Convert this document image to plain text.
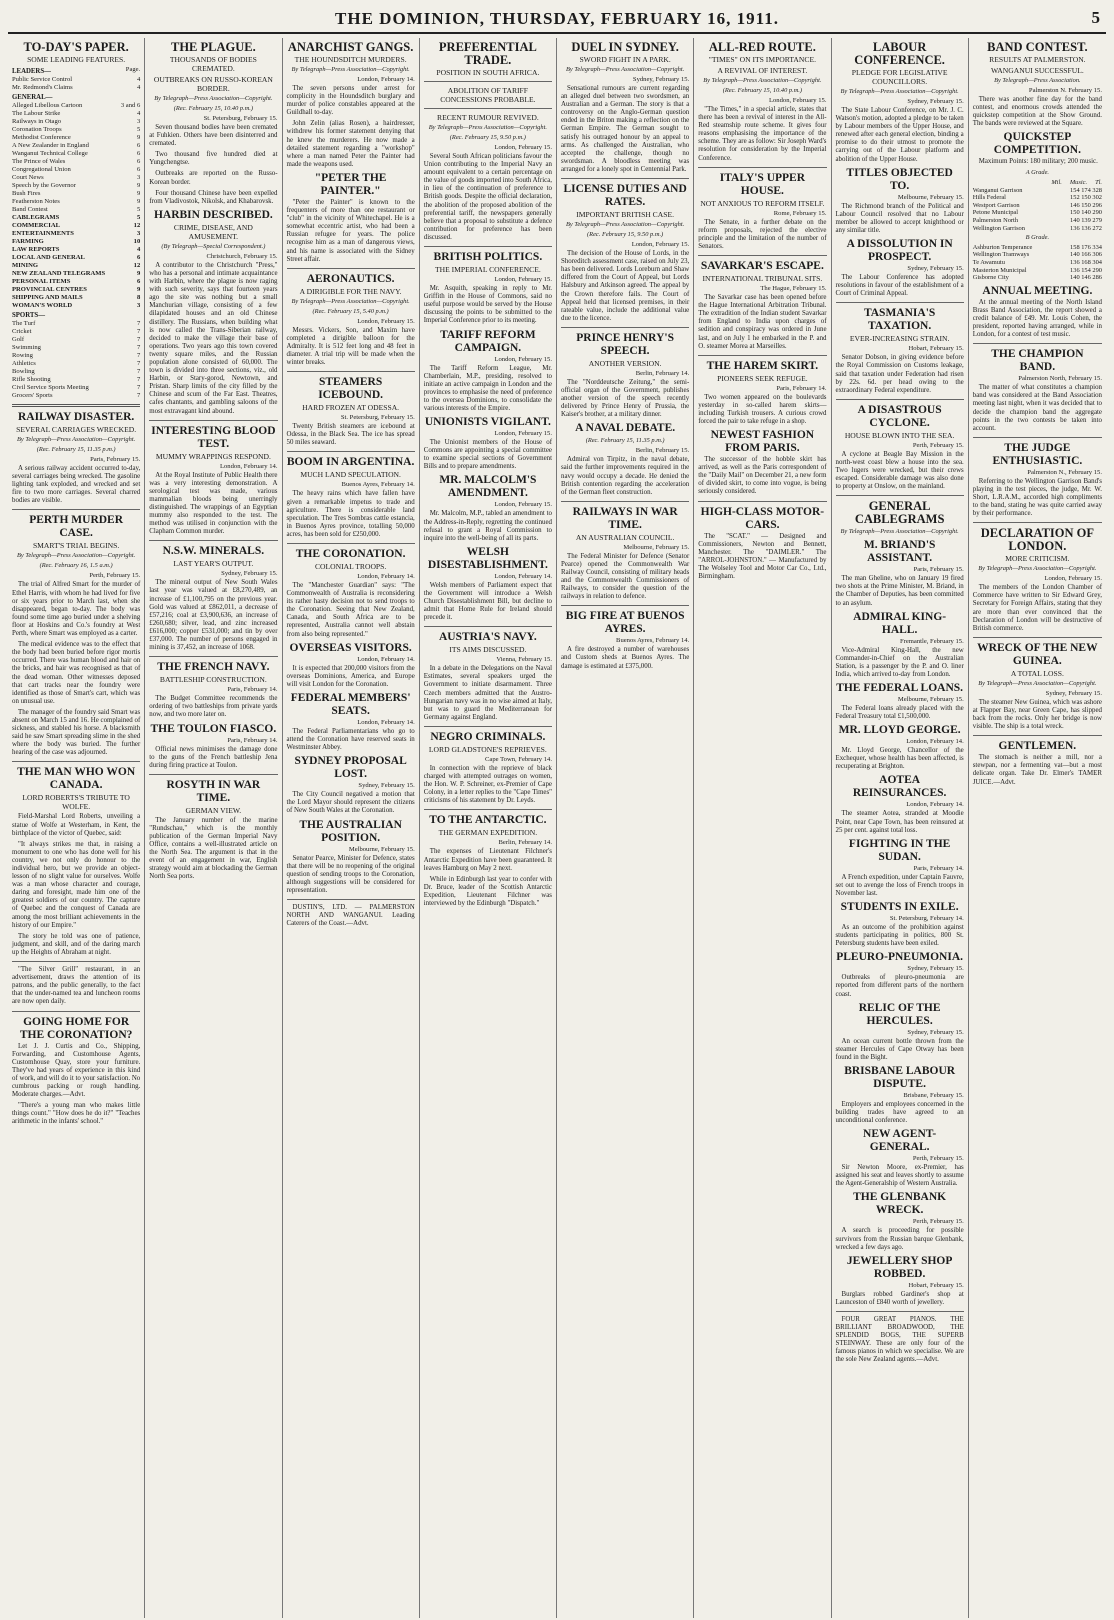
THE DOMINION, THURSDAY, FEBRUARY 16, 1911.	5
TO-DAY'S PAPER.
SOME LEADING FEATURES.
LEADERS—	Page.
Public Service Control	4
Mr. Redmond's Claims	4
GENERAL—
Alleged Libellous Cartoon	3 and 6
The Labour Strike	4
Railways in Otago	3
Coronation Troops	5
Methodist Conference	9
A New Zealander in England	6
Wanganui Technical College	6
The Prince of Wales	6
Congregational Union	6
Court News	3
Speech by the Governor	9
Bush Fires	9
Featherston Notes	9
Band Contest	5
CABLEGRAMS	5
COMMERCIAL	12
ENTERTAINMENTS	3
FARMING	10
LAW REPORTS	4
LOCAL AND GENERAL	6
MINING	12
NEW ZEALAND TELEGRAMS	9
PERSONAL ITEMS	6
PROVINCIAL CENTRES	9
SHIPPING AND MAILS	8
WOMAN'S WORLD	3
SPORTS—
The Turf	7
Cricket	7
Golf	7
Swimming	7
Rowing	7
Athletics	7
Bowling	7
Rifle Shooting	7
Civil Service Sports Meeting	7
Grocers' Sports	7
RAILWAY DISASTER.
SEVERAL CARRIAGES WRECKED.
By Telegraph—Press Association—Copyright.
(Rec. February 15, 11.35 p.m.)
Paris, February 15.

A serious railway accident occurred to-day, several carriages being wrecked. The gasoline lighting tank exploded, and wrecked and set fire to two more carriages. Several charred bodies are visible.

PERTH MURDER CASE.
SMART'S TRIAL BEGINS.
By Telegraph—Press Association—Copyright.
(Rec. February 16, 1.5 a.m.)
Perth, February 15.

The trial of Alfred Smart for the murder of Ethel Harris, with whom he had lived for five or six years prior to March last, when she disappeared, began to-day. The body was found some time ago buried under a shelving floor at Hoskins and Co.'s foundry at West Perth, where Smart was employed as a carter.

The medical evidence was to the effect that the body had been buried before rigor mortis occurred. There was human blood and hair on the bricks, and hair was recognised as that of the dead woman. Other witnesses deposed that cart tracks near the foundry were identified as those of Smart's cart, which was on unusual use.

The manager of the foundry said Smart was absent on March 15 and 16. He complained of sickness, and stabled his horse. A blacksmith said he saw Smart spreading slime in the shed where the body was buried. The further hearing of the case was adjourned.

THE MAN WHO WON CANADA.
LORD ROBERTS'S TRIBUTE TO WOLFE.

Field-Marshal Lord Roberts, unveiling a statue of Wolfe at Westerham, in Kent, the birthplace of the victor of Quebec, said:

"It always strikes me that, in raising a monument to one who has done well for his country, we not only do honour to the individual hero, but we provide an object-lesson of no slight value for ourselves. Wolfe was a man whose character and courage, daring and foresight, made him one of the greatest soldiers of our country. The capture of Quebec and the conquest of Canada are among the most brilliant achievements in the history of our Empire."

The story he told was one of patience, judgment, and skill, and of the daring march up the Heights of Abraham at night.

"The Silver Grill" restaurant, in an advertisement, draws the attention of its patrons, and the public generally, to the fact that the under-named tea and luncheon rooms are now open daily.

GOING HOME FOR THE CORONATION?

Let J. J. Curtis and Co., Shipping, Forwarding, and Customhouse Agents, Customhouse Quay, store your furniture. They've had years of experience in this kind of work, and will do it to your satisfaction. No cumbrous packing or rough handling. Moderate charges.—Advt.

"There's a young man who makes little things count." "How does he do it?" "Teaches arithmetic in the infants' school."

THE PLAGUE.
THOUSANDS OF BODIES CREMATED.
OUTBREAKS ON RUSSO-KOREAN BORDER.
By Telegraph—Press Association—Copyright.
(Rec. February 15, 10.40 p.m.)
St. Petersburg, February 15.

Seven thousand bodies have been cremated at Fuhkien. Others have been disinterred and cremated.

Two thousand five hundred died at Yungchengtse.

Outbreaks are reported on the Russo-Korean border.

Four thousand Chinese have been expelled from Vladivostok, Nikolsk, and Khabarovsk.

HARBIN DESCRIBED.
CRIME, DISEASE, AND AMUSEMENT.
(By Telegraph—Special Correspondent.)
Christchurch, February 15.

A contributor to the Christchurch "Press," who has a personal and intimate acquaintance with Harbin, where the plague is now raging with such severity, says that fourteen years ago the site was nothing but a small Manchurian village, consisting of a few dilapidated houses and an old Chinese distillery. The Russians, when building what is now called the Trans-Siberian railway, decided to make the village their base of operations. Two years ago this town covered twenty square miles, and the Russian population alone consisted of 60,000. The town is divided into three sections, viz., old Harbin, or Stary-gorod, Newtown, and Pristan. Sharp limits of the city filled by the Chinese and scum of the Far East. Theatres, cafes chantants, and gambling saloons of the most extravagant kind abound.

INTERESTING BLOOD TEST.
MUMMY WRAPPINGS RESPOND.
London, February 14.

At the Royal Institute of Public Health there was a very interesting demonstration. A serological test was made, various mammalian bloods being unerringly distinguished. The wrappings of an Egyptian mummy also responded to the test. The method was utilised in conjunction with the Clapham Common murder.

N.S.W. MINERALS.
LAST YEAR'S OUTPUT.
Sydney, February 15.

The mineral output of New South Wales last year was valued at £8,270,489, an increase of £1,100,795 on the previous year. Gold was valued at £862,011, a decrease of £57,216; coal at £3,900,636, an increase of £260,680; silver, lead, and zinc increased £616,000; copper £531,000; and tin by over £37,000. The number of persons engaged in mining is 37,452, an increase of 1068.

THE FRENCH NAVY.
BATTLESHIP CONSTRUCTION.
Paris, February 14.

The Budget Committee recommends the ordering of two battleships from private yards now, and two more later on.

THE TOULON FIASCO.
Paris, February 14.

Official news minimises the damage done to the guns of the French battleship Jena during firing practice at Toulon.

ROSYTH IN WAR TIME.
GERMAN VIEW.

The January number of the marine "Rundschau," which is the monthly publication of the German Imperial Navy Office, contains a well-illustrated article on the North Sea. The argument is that in the event of an engagement in war, English strategy would aim at blockading the German North Sea ports.

ANARCHIST GANGS.
THE HOUNDSDITCH MURDERS.
By Telegraph—Press Association—Copyright.
London, February 14.

The seven persons under arrest for complicity in the Houndsditch burglary and murder of police constables appeared at the Guildhall to-day.

John Zelin (alias Rosen), a hairdresser, withdrew his former statement denying that he knew the murderers. He now made a detailed statement regarding a "workshop" where a man named Peter the Painter had made the weapons used.

"PETER THE PAINTER."

"Peter the Painter" is known to the frequenters of more than one restaurant or "club" in the vicinity of Whitechapel. He is a somewhat eccentric artist, who had been a Russian refugee for years. The police recognise him as a man of dangerous views, and his name is associated with the Sidney Street affair.

AERONAUTICS.
A DIRIGIBLE FOR THE NAVY.
By Telegraph—Press Association—Copyright.
(Rec. February 15, 5.40 p.m.)
London, February 15.

Messrs. Vickers, Son, and Maxim have completed a dirigible balloon for the Admiralty. It is 512 feet long and 48 feet in diameter. A trial trip will be made when the winter breaks.

STEAMERS ICEBOUND.
HARD FROZEN AT ODESSA.
St. Petersburg, February 15.

Twenty British steamers are icebound at Odessa, in the Black Sea. The ice has spread 50 miles seaward.

BOOM IN ARGENTINA.
MUCH LAND SPECULATION.
Buenos Ayres, February 14.

The heavy rains which have fallen have given a remarkable impetus to trade and agriculture. There is considerable land speculation. The Tres Sombras cattle estancia, in Buenos Ayres province, totalling 50,000 acres, has been sold for £250,000.

THE CORONATION.
COLONIAL TROOPS.
London, February 14.

The "Manchester Guardian" says: "The Commonwealth of Australia is reconsidering its rather hasty decision not to send troops to the Coronation. Seeing that New Zealand, Canada, and South Africa are to be represented, Australia cannot well abstain from also being represented."

OVERSEAS VISITORS.
London, February 14.

It is expected that 200,000 visitors from the overseas Dominions, America, and Europe will visit London for the Coronation.

FEDERAL MEMBERS' SEATS.
London, February 14.

The Federal Parliamentarians who go to attend the Coronation have reserved seats in Westminster Abbey.

SYDNEY PROPOSAL LOST.
Sydney, February 15.

The City Council negatived a motion that the Lord Mayor should represent the citizens of New South Wales at the Coronation.

THE AUSTRALIAN POSITION.
Melbourne, February 15.

Senator Pearce, Minister for Defence, states that there will be no reopening of the original question of sending troops to the Coronation, although suggestions will be considered for representation.

DUSTIN'S, LTD. — PALMERSTON NORTH AND WANGANUI. Leading Caterers of the Coast.—Advt.

PREFERENTIAL TRADE.
POSITION IN SOUTH AFRICA.
ABOLITION OF TARIFF CONCESSIONS PROBABLE.
RECENT RUMOUR REVIVED.
By Telegraph—Press Association—Copyright.
(Rec. February 15, 9.50 p.m.)
London, February 15.

Several South African politicians favour the Union contributing to the Imperial Navy an amount equivalent to a certain percentage on the value of goods imported into South Africa, in lieu of the continuation of preference to British goods. Despite the official declaration, the abolition of the proposed abolition of the preferential tariff, the newspapers generally believe that a proposal to substitute a defence contribution for preference has been discussed.

BRITISH POLITICS.
THE IMPERIAL CONFERENCE.
London, February 15.

Mr. Asquith, speaking in reply to Mr. Griffith in the House of Commons, said no useful purpose would be served by the House discussing the points to be submitted to the Imperial Conference prior to its meeting.

TARIFF REFORM CAMPAIGN.
London, February 15.

The Tariff Reform League, Mr. Chamberlain, M.P., presiding, resolved to initiate an active campaign in London and the provinces to emphasise the need of preference to the oversea Dominions, to consolidate the various interests of the Empire.

UNIONISTS VIGILANT.
London, February 15.

The Unionist members of the House of Commons are appointing a special committee to examine special sections of Government Bills and to prepare amendments.

MR. MALCOLM'S AMENDMENT.
London, February 15.

Mr. Malcolm, M.P., tabled an amendment to the Address-in-Reply, regretting the continued refusal to grant a Royal Commission to inquire into the well-being of all its parts.

WELSH DISESTABLISHMENT.
London, February 14.

Welsh members of Parliament expect that the Government will introduce a Welsh Church Disestablishment Bill, but decline to admit that Home Rule for Ireland should precede it.

AUSTRIA'S NAVY.
ITS AIMS DISCUSSED.
Vienna, February 15.

In a debate in the Delegations on the Naval Estimates, several speakers urged the Government to initiate disarmament. Three Czech members admitted that the Austro-Hungarian navy was in no wise aimed at Italy, but was to guard the Mediterranean for Germany against England.

NEGRO CRIMINALS.
LORD GLADSTONE'S REPRIEVES.
Cape Town, February 14.

In connection with the reprieve of black charged with attempted outrages on women, the Hon. W. P. Schreiner, ex-Premier of Cape Colony, in a letter replies to the "Cape Times" criticisms of his statement by Dr. Leyds.

TO THE ANTARCTIC.
THE GERMAN EXPEDITION.
Berlin, February 14.

The expenses of Lieutenant Filchner's Antarctic Expedition have been guaranteed. It leaves Hamburg on May 2 next.

While in Edinburgh last year to confer with Dr. Bruce, leader of the Scottish Antarctic Expedition, Lieutenant Filchner was interviewed by the Edinburgh "Dispatch."

DUEL IN SYDNEY.
SWORD FIGHT IN A PARK.
By Telegraph—Press Association—Copyright.
Sydney, February 15.

Sensational rumours are current regarding an alleged duel between two swordsmen, an Australian and a German. The story is that a controversy on the Anglo-German question ended in the Briton making a reflection on the German Empire. The German sought to satisfy his outraged honour by an appeal to arms. As challenged the Australian, who accepted the challenge, though no swordsman. A bloodless meeting was arranged for a lonely spot in Centennial Park.

LICENSE DUTIES AND RATES.
IMPORTANT BRITISH CASE.
By Telegraph—Press Association—Copyright.
(Rec. February 15, 9.50 p.m.)
London, February 15.

The decision of the House of Lords, in the Shoreditch assessment case, raised on July 23, has been delivered. Lords Loreburn and Shaw differed from the Court of Appeal, but Lords Halsbury and Atkinson agreed. The appeal by the Crown therefore fails. The Court of Appeal held that licensed premises, in their rateable value, include the additional value due to the licence.

PRINCE HENRY'S SPEECH.
ANOTHER VERSION.
Berlin, February 14.

The "Norddeutsche Zeitung," the semi-official organ of the Government, publishes another version of the speech recently delivered by Prince Henry of Prussia, the Kaiser's brother, at a military dinner.

A NAVAL DEBATE.
(Rec. February 15, 11.35 p.m.)
Berlin, February 15.

Admiral von Tirpitz, in the naval debate, said the further improvements required in the navy would occupy a decade. He denied the British contention regarding the acceleration of the German fleet construction.

RAILWAYS IN WAR TIME.
AN AUSTRALIAN COUNCIL.
Melbourne, February 15.

The Federal Minister for Defence (Senator Pearce) opened the Commonwealth War Railway Council, consisting of military heads and the Commonwealth Commissioners of Railways, to consider the question of the railways in relation to defence.

BIG FIRE AT BUENOS AYRES.
Buenos Ayres, February 14.

A fire destroyed a number of warehouses and Custom sheds at Buenos Ayres. The damage is estimated at £375,000.

ALL-RED ROUTE.
"TIMES" ON ITS IMPORTANCE.
A REVIVAL OF INTEREST.
By Telegraph—Press Association—Copyright.
(Rec. February 15, 10.40 p.m.)
London, February 15.

"The Times," in a special article, states that there has been a revival of interest in the All-Red steamship route scheme. It gives four reasons emphasising the importance of the scheme. They are as follow: Sir Joseph Ward's resolution for consideration by the Imperial Conference.

ITALY'S UPPER HOUSE.
NOT ANXIOUS TO REFORM ITSELF.
Rome, February 15.

The Senate, in a further debate on the reform proposals, rejected the elective principle and the limitation of the number of Senators.

SAVARKAR'S ESCAPE.
INTERNATIONAL TRIBUNAL SITS.
The Hague, February 15.

The Savarkar case has been opened before the Hague International Arbitration Tribunal. The extradition of the Indian student Savarkar from England to India upon charges of sedition and conspiracy was ordered in June last, and on July 1 he embarked in the P. and O. steamer Morea at Marseilles.

THE HAREM SKIRT.
PIONEERS SEEK REFUGE.
Paris, February 14.

Two women appeared on the boulevards yesterday in so-called harem skirts—including Turkish trousers. A curious crowd forced the pair to take refuge in a shop.

NEWEST FASHION FROM PARIS.

The successor of the hobble skirt has arrived, as well as the Paris correspondent of the "Daily Mail" on December 21, a new form of divided skirt, to come into vogue, is being seriously considered.

HIGH-CLASS MOTOR-CARS.

The "SCAT." — Designed and Commissioners, Newton and Bennett, Manchester. The "DAIMLER." The "ARROL-JOHNSTON." — Manufactured by The Wolseley Tool and Motor Car Co., Ltd., Birmingham.

LABOUR CONFERENCE.
PLEDGE FOR LEGISLATIVE COUNCILLORS.
By Telegraph—Press Association—Copyright.
Sydney, February 15.

The State Labour Conference, on Mr. J. C. Watson's motion, adopted a pledge to be taken by Labour members of the Upper House, and renewed after each general election, binding a promise to do their utmost to promote the carrying out of the Labour platform and abolition of the Upper House.

TITLES OBJECTED TO.
Melbourne, February 15.

The Richmond branch of the Political and Labour Council resolved that no Labour member be allowed to accept knighthood or any similar title.

A DISSOLUTION IN PROSPECT.
Sydney, February 15.

The Labour Conference has adopted resolutions in favour of the establishment of a Court of Criminal Appeal.

TASMANIA'S TAXATION.
EVER-INCREASING STRAIN.
Hobart, February 15.

Senator Dobson, in giving evidence before the Royal Commission on Customs leakage, said that taxation under Federation had risen by 22s. 6d. per head owing to the extraordinary Federal expenditure.

A DISASTROUS CYCLONE.
HOUSE BLOWN INTO THE SEA.
Perth, February 15.

A cyclone at Beagle Bay Mission in the north-west coast blew a house into the sea. Two lugers were wrecked, but their crews escaped. Considerable damage was also done to property at Onslow, on the mainland.

GENERAL CABLEGRAMS
By Telegraph—Press Association—Copyright.
M. BRIAND'S ASSISTANT.
Paris, February 15.

The man Gheline, who on January 19 fired two shots at the Prime Minister, M. Briand, in the Chamber of Deputies, has been committed to an asylum.

ADMIRAL KING-HALL.
Fremantle, February 15.

Vice-Admiral King-Hall, the new Commander-in-Chief on the Australian Station, is a passenger by the P. and O. liner India, which arrived to-day from London.

THE FEDERAL LOANS.
Melbourne, February 15.

The Federal loans already placed with the Federal Treasury total £1,500,000.

MR. LLOYD GEORGE.
London, February 14.

Mr. Lloyd George, Chancellor of the Exchequer, whose health has been affected, is recuperating at Brighton.

AOTEA REINSURANCES.
London, February 14.

The steamer Aotea, stranded at Moodie Point, near Cape Town, has been reinsured at 25 per cent. against total loss.

FIGHTING IN THE SUDAN.
Paris, February 14.

A French expedition, under Captain Fauvre, set out to avenge the loss of French troops in November last.

STUDENTS IN EXILE.
St. Petersburg, February 14.

As an outcome of the prohibition against students participating in politics, 800 St. Petersburg students have been exiled.

PLEURO-PNEUMONIA.
Sydney, February 15.

Outbreaks of pleuro-pneumonia are reported from different parts of the northern coast.

RELIC OF THE HERCULES.
Sydney, February 15.

An ocean current bottle thrown from the steamer Hercules of Cape Otway has been found in the Bight.

BRISBANE LABOUR DISPUTE.
Brisbane, February 15.

Employers and employees concerned in the building trades have agreed to an unconditional conference.

NEW AGENT-GENERAL.
Perth, February 15.

Sir Newton Moore, ex-Premier, has assigned his seat and leaves shortly to assume the Agent-Generalship of Western Australia.

THE GLENBANK WRECK.
Perth, February 15.

A search is proceeding for possible survivors from the Russian barque Glenbank, wrecked a few days ago.

JEWELLERY SHOP ROBBED.
Hobart, February 15.

Burglars robbed Gardiner's shop at Launceston of £840 worth of jewellery.

FOUR GREAT PIANOS. THE BRILLIANT BROADWOOD, THE SPLENDID BOGS, THE SUPERB STEINWAY. These are only four of the famous pianos in which we specialise. We are the sole New Zealand agents.—Advt.

BAND CONTEST.
RESULTS AT PALMERSTON.
WANGANUI SUCCESSFUL.
By Telegraph—Press Association.
Palmerston N. February 15.

There was another fine day for the band contest, and enormous crowds attended the quickstep competition at the Show Ground. The bands were reviewed at the Square.

QUICKSTEP COMPETITION.

Maximum Points: 180 military; 200 music.

A Grade.
Mil. Music. Tl.
Wanganui Garrison	154 174 328
Hills Federal	152 150 302
Westport Garrison	146 150 296
Petone Municipal	150 140 290
Palmerston North	140 139 279
Wellington Garrison	136 136 272
B Grade.
Ashburton Temperance	158 176 334
Wellington Tramways	140 166 306
Te Awamutu	136 168 304
Masterton Municipal	136 154 290
Gisborne City	140 146 286
ANNUAL MEETING.

At the annual meeting of the North Island Brass Band Association, the report showed a credit balance of £49. Mr. Louis Cohen, the president, reported having arranged, while in London, for a contest of test music.

THE CHAMPION BAND.
Palmerston North, February 15.

The matter of what constitutes a champion band was considered at the Band Association meeting last night, when it was decided that to decide the champion band the aggregate points in the two contests be taken into account.

THE JUDGE ENTHUSIASTIC.
Palmerston N., February 15.

Referring to the Wellington Garrison Band's playing in the test pieces, the judge, Mr. W. Short, L.R.A.M., accorded high compliments to the band, stating he was quite carried away by their performance.

DECLARATION OF LONDON.
MORE CRITICISM.
By Telegraph—Press Association—Copyright.
London, February 15.

The members of the London Chamber of Commerce have written to Sir Edward Grey, Secretary for Foreign Affairs, stating that they are more than ever convinced that the Declaration of London will be destructive of British commerce.

WRECK OF THE NEW GUINEA.
A TOTAL LOSS.
By Telegraph—Press Association—Copyright.
Sydney, February 15.

The steamer New Guinea, which was ashore at Flapper Bay, near Green Cape, has slipped back from the rocks. Only her bridge is now visible. The ship is a total wreck.

GENTLEMEN.

The stomach is neither a mill, nor a stewpan, nor a fermenting vat—but a most delicate organ. Take Dr. Elmer's TAMER JUICE.—Advt.
